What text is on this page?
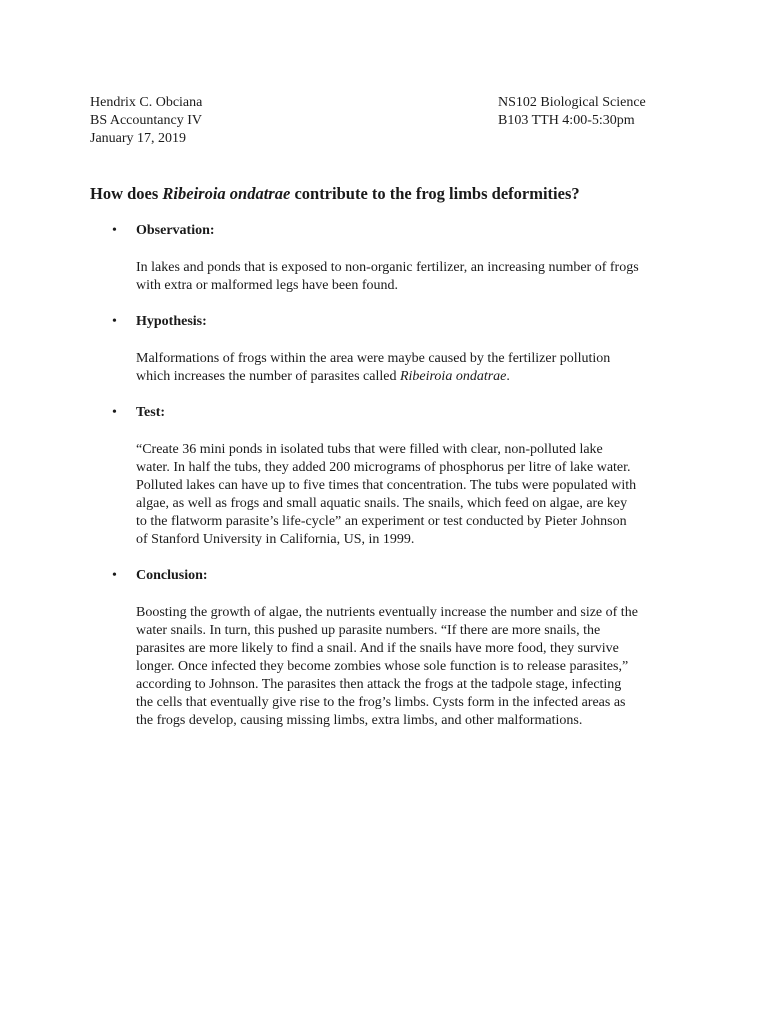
Hendrix C. Obciana
BS Accountancy IV
January 17, 2019
NS102 Biological Science
B103 TTH 4:00-5:30pm
How does Ribeiroia ondatrae contribute to the frog limbs deformities?
• Observation:
In lakes and ponds that is exposed to non-organic fertilizer, an increasing number of frogs
with extra or malformed legs have been found.
• Hypothesis:
Malformations of frogs within the area were maybe caused by the fertilizer pollution
which increases the number of parasites called Ribeiroia ondatrae.
• Test:
“Create 36 mini ponds in isolated tubs that were filled with clear, non-polluted lake
water. In half the tubs, they added 200 micrograms of phosphorus per litre of lake water.
Polluted lakes can have up to five times that concentration. The tubs were populated with
algae, as well as frogs and small aquatic snails. The snails, which feed on algae, are key
to the flatworm parasite’s life-cycle” an experiment or test conducted by Pieter Johnson
of Stanford University in California, US, in 1999.
• Conclusion:
Boosting the growth of algae, the nutrients eventually increase the number and size of the
water snails. In turn, this pushed up parasite numbers. “If there are more snails, the
parasites are more likely to find a snail. And if the snails have more food, they survive
longer. Once infected they become zombies whose sole function is to release parasites,”
according to Johnson. The parasites then attack the frogs at the tadpole stage, infecting
the cells that eventually give rise to the frog’s limbs. Cysts form in the infected areas as
the frogs develop, causing missing limbs, extra limbs, and other malformations.
